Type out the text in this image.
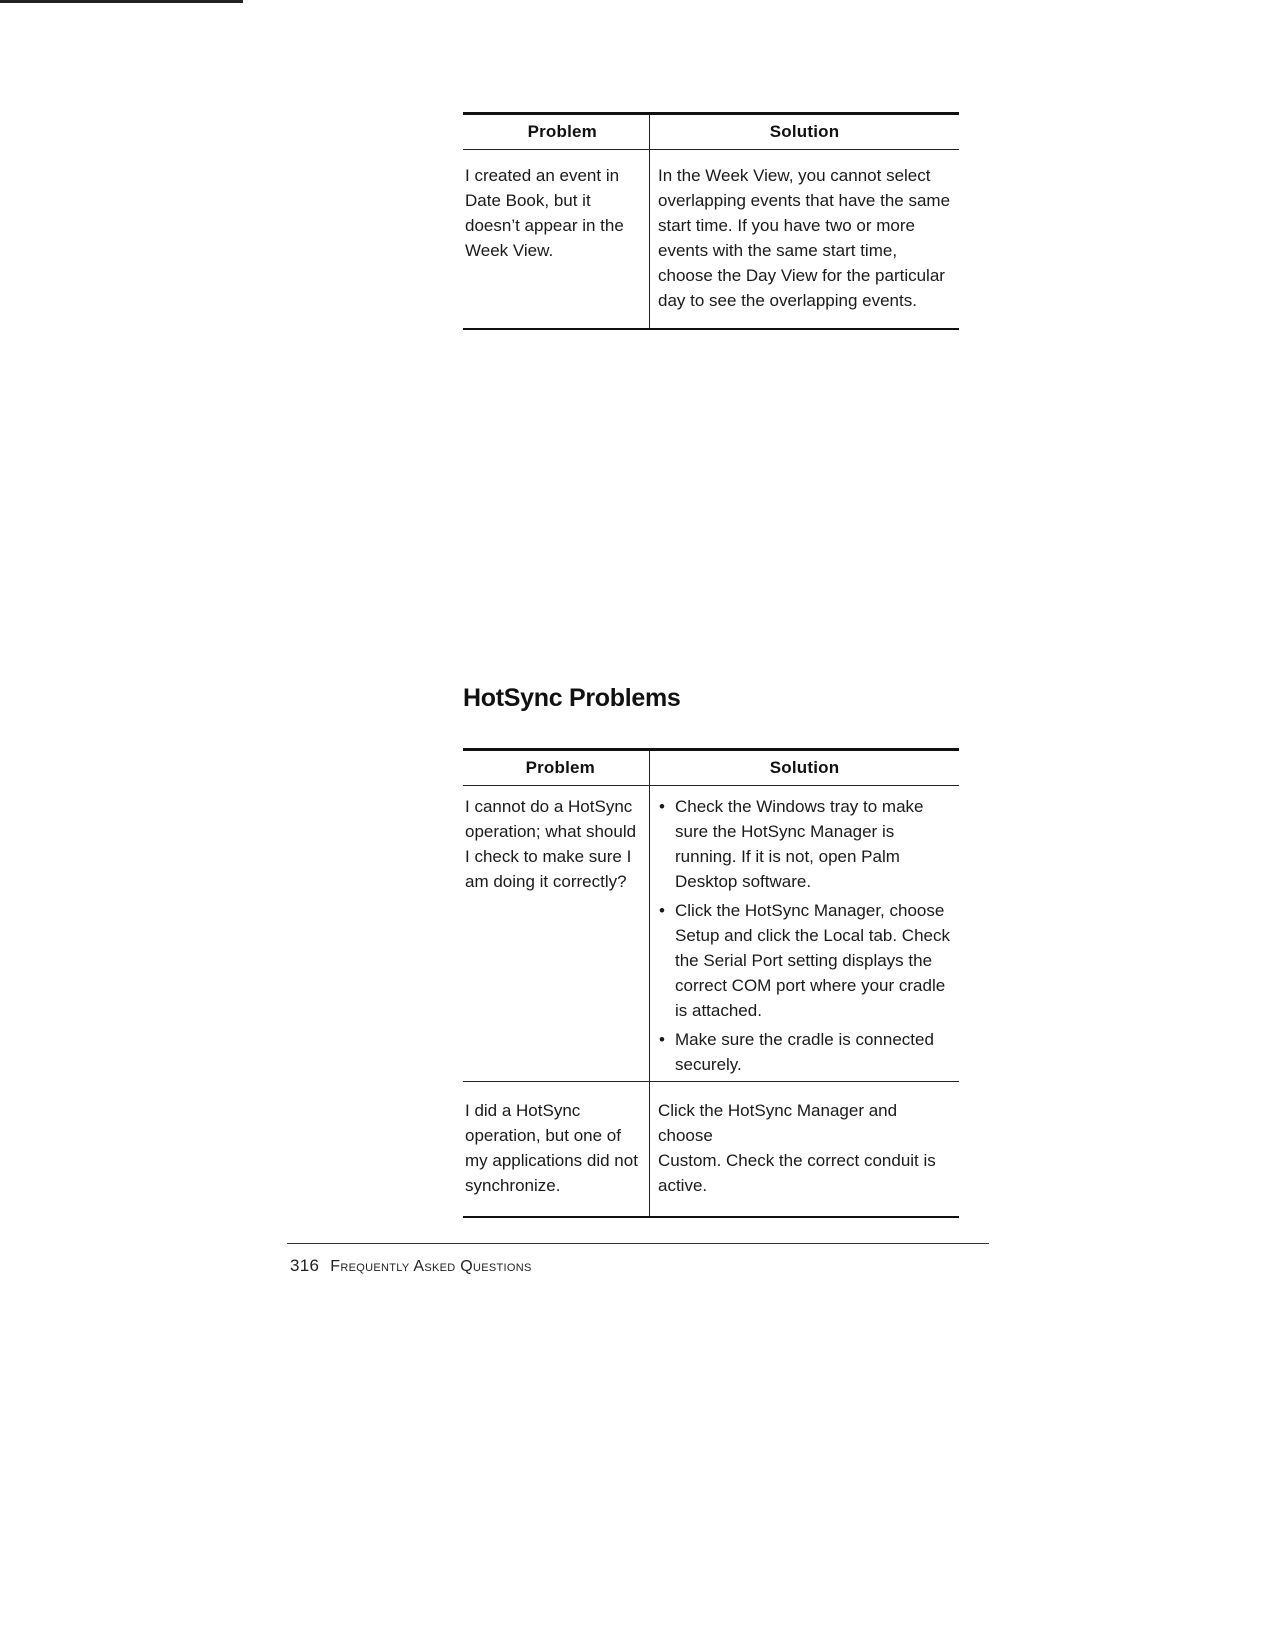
Problem	Solution
I created an event in
Date Book, but it
doesn’t appear in the
Week View.
In the Week View, you cannot select
overlapping events that have the same
start time. If you have two or more
events with the same start time,
choose the Day View for the particular
day to see the overlapping events.
HotSync Problems
Problem	Solution
I cannot do a HotSync
operation; what should
I check to make sure I
am doing it correctly?
• Check the Windows tray to make
sure the HotSync Manager is
running. If it is not, open Palm
Desktop software.
• Click the HotSync Manager, choose
Setup and click the Local tab. Check
the Serial Port setting displays the
correct COM port where your cradle
is attached.
• Make sure the cradle is connected
securely.
I did a HotSync
operation, but one of
my applications did not
synchronize.
Click the HotSync Manager and choose
Custom. Check the correct conduit is
active.
316 Frequently Asked Questions
